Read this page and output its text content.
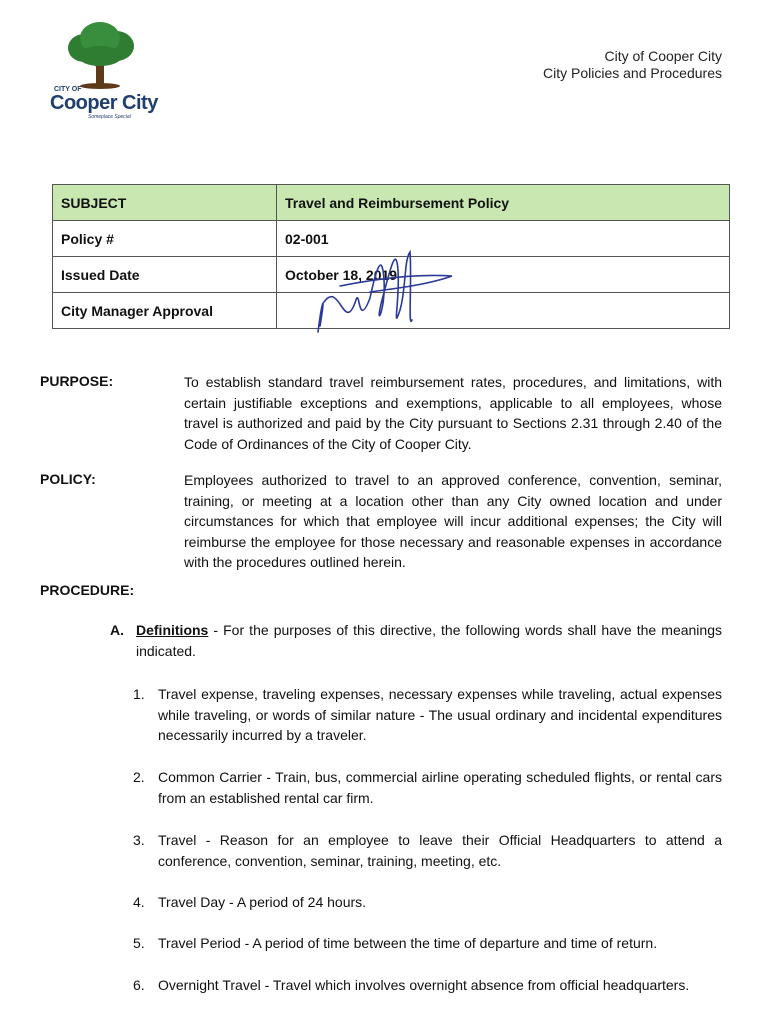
CITY OF
Cooper City
Someplace Special
City of Cooper City
City Policies and Procedures
SUBJECT	Travel and Reimbursement Policy
Policy #	02-001
Issued Date	October 18, 2019
City Manager Approval	
PURPOSE:	To establish standard travel reimbursement rates, procedures, and limitations, with certain justifiable exceptions and exemptions, applicable to all employees, whose travel is authorized and paid by the City pursuant to Sections 2.31 through 2.40 of the Code of Ordinances of the City of Cooper City.
POLICY:	Employees authorized to travel to an approved conference, convention, seminar, training, or meeting at a location other than any City owned location and under circumstances for which that employee will incur additional expenses; the City will reimburse the employee for those necessary and reasonable expenses in accordance with the procedures outlined herein.
PROCEDURE:
A. Definitions - For the purposes of this directive, the following words shall have the meanings indicated.
1. Travel expense, traveling expenses, necessary expenses while traveling, actual expenses while traveling, or words of similar nature - The usual ordinary and incidental expenditures necessarily incurred by a traveler.
2. Common Carrier - Train, bus, commercial airline operating scheduled flights, or rental cars from an established rental car firm.
3. Travel - Reason for an employee to leave their Official Headquarters to attend a conference, convention, seminar, training, meeting, etc.
4. Travel Day - A period of 24 hours.
5. Travel Period - A period of time between the time of departure and time of return.
6. Overnight Travel - Travel which involves overnight absence from official headquarters.
